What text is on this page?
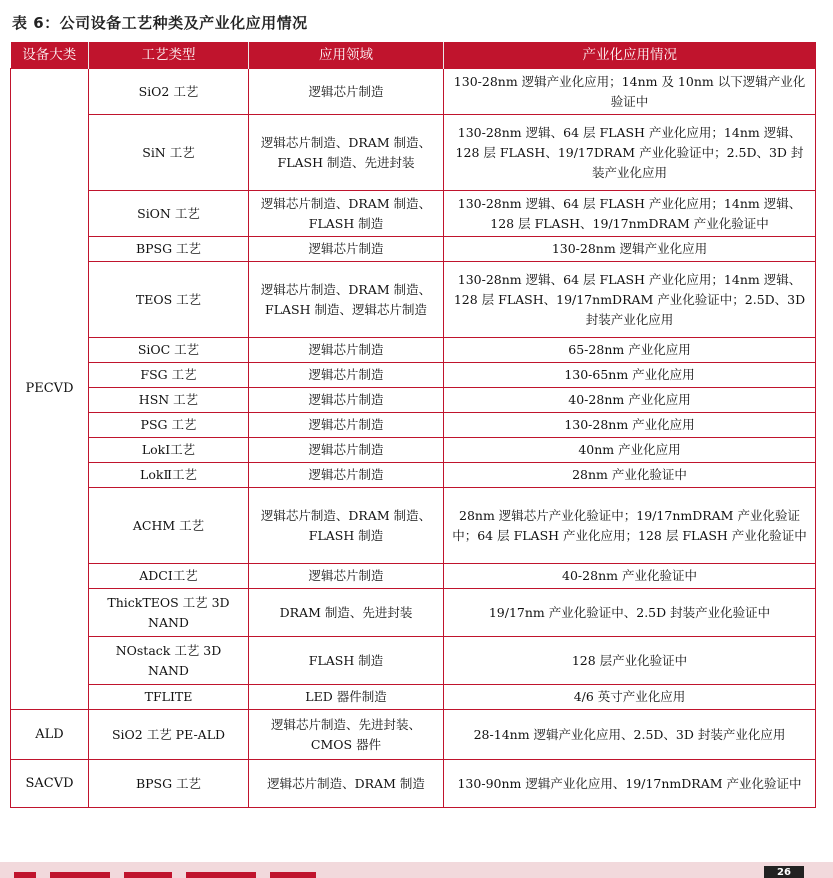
表 6：公司设备工艺种类及产业化应用情况
设备大类	工艺类型	应用领域	产业化应用情况
PECVD	SiO2 工艺	逻辑芯片制造	130-28nm 逻辑产业化应用；14nm 及 10nm 以下逻辑产业化验证中
	SiN 工艺	逻辑芯片制造、DRAM 制造、FLASH 制造、先进封装	130-28nm 逻辑、64 层 FLASH 产业化应用；14nm 逻辑、128 层 FLASH、19/17DRAM 产业化验证中；2.5D、3D 封装产业化应用
	SiON 工艺	逻辑芯片制造、DRAM 制造、FLASH 制造	130-28nm 逻辑、64 层 FLASH 产业化应用；14nm 逻辑、128 层 FLASH、19/17nmDRAM 产业化验证中
	BPSG 工艺	逻辑芯片制造	130-28nm 逻辑产业化应用
	TEOS 工艺	逻辑芯片制造、DRAM 制造、FLASH 制造、逻辑芯片制造	130-28nm 逻辑、64 层 FLASH 产业化应用；14nm 逻辑、128 层 FLASH、19/17nmDRAM 产业化验证中；2.5D、3D 封装产业化应用
	SiOC 工艺	逻辑芯片制造	65-28nm 产业化应用
	FSG 工艺	逻辑芯片制造	130-65nm 产业化应用
	HSN 工艺	逻辑芯片制造	40-28nm 产业化应用
	PSG 工艺	逻辑芯片制造	130-28nm 产业化应用
	LokⅠ工艺	逻辑芯片制造	40nm 产业化应用
	LokⅡ工艺	逻辑芯片制造	28nm 产业化验证中
	ACHM 工艺	逻辑芯片制造、DRAM 制造、FLASH 制造	28nm 逻辑芯片产业化验证中；19/17nmDRAM 产业化验证中；64 层 FLASH 产业化应用；128 层 FLASH 产业化验证中
	ADCⅠ工艺	逻辑芯片制造	40-28nm 产业化验证中
	ThickTEOS 工艺 3D NAND	DRAM 制造、先进封装	19/17nm 产业化验证中、2.5D 封装产业化验证中
	NOstack 工艺 3D NAND	FLASH 制造	128 层产业化验证中
	TFLITE	LED 器件制造	4/6 英寸产业化应用
ALD	SiO2 工艺 PE-ALD	逻辑芯片制造、先进封装、CMOS 器件	28-14nm 逻辑产业化应用、2.5D、3D 封装产业化应用
SACVD	BPSG 工艺	逻辑芯片制造、DRAM 制造	130-90nm 逻辑产业化应用、19/17nmDRAM 产业化验证中
26
